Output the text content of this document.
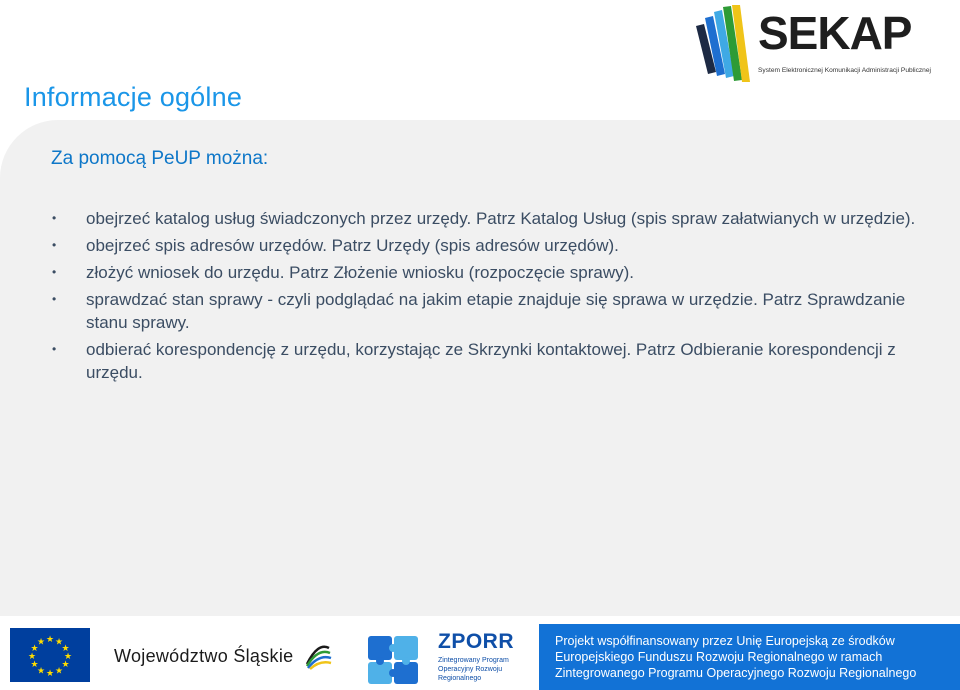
Informacje ogólne
SEKAP
System Elektronicznej Komunikacji Administracji Publicznej
Za pomocą PeUP można:
• obejrzeć katalog usług świadczonych przez urzędy. Patrz Katalog Usług (spis spraw załatwianych w urzędzie).
• obejrzeć spis adresów urzędów. Patrz Urzędy (spis adresów urzędów).
• złożyć wniosek do urzędu. Patrz Złożenie wniosku (rozpoczęcie sprawy).
• sprawdzać stan sprawy - czyli podglądać na jakim etapie znajduje się sprawa w urzędzie. Patrz Sprawdzanie stanu sprawy.
• odbierać korespondencję z urzędu, korzystając ze Skrzynki kontaktowej. Patrz Odbieranie korespondencji z urzędu.
★ ★
★
★
★
★
★
★
★
★
★
★
Województwo Śląskie
ZPORR
Zintegrowany Program Operacyjny Rozwoju Regionalnego
Projekt współfinansowany przez Unię Europejską ze środków
Europejskiego Funduszu Rozwoju Regionalnego w ramach
Zintegrowanego Programu Operacyjnego Rozwoju Regionalnego
